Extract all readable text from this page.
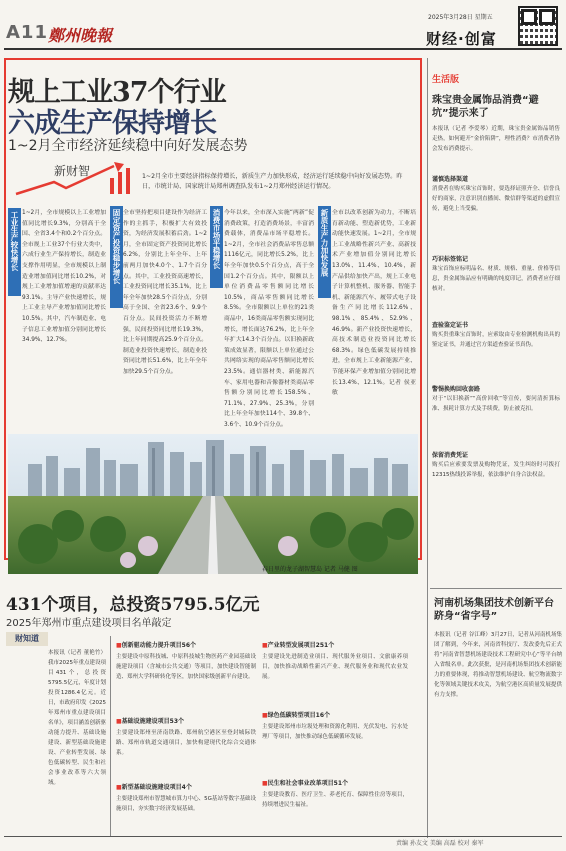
A11 鄭州晚報
2025年3月28日 星期五
财经·创富
规上工业37个行业
六成生产保持增长
1~2月全市经济延续稳中向好发展态势
新财智	1~2月全市主要经济指标保持增长，新质生产力加快形成，经济运行延续稳中向好发展态势。昨日，市统计局、国家统计局郑州调查队发布1~2月郑州经济运行情况。
工业生产较快增长	固定资产投资稳步增长	消费市场平稳增长	新质生产力加快发展
1~2月，全市规模以上工业增加值同比增长9.3%，分别高于全国、全省3.4个和0.2个百分点。全市规上工业37个行业大类中，六成行业生产保持增长，制造业支撑作用明显，全市规模以上制造业增加值同比增长10.2%，对规上工业增加值增速的贡献率达93.1%。主导产业快速增长，规上工业主导产业增加值同比增长10.5%。其中，汽车制造业、电子信息工业增加值分别同比增长34.9%、12.7%。
全市坚持把项目建设作为经济工作的主抓手，积极扩大有效投资，为经济发展积蓄后劲。1~2月，全市固定资产投资同比增长6.2%，分别比上年全年、上年前两月加快4.0个、1.7个百分点。其中，工业投资高速增长，工业投资同比增长35.1%，比上年全年加快28.5个百分点，分别高于全国、全省23.6个、9.9个百分点。民间投资活力不断增强，民间投资同比增长19.3%，比上年同期提高25.9个百分点。制造业投资快速增长，制造业投资同比增长51.6%，比上年全年加快29.5个百分点。
今年以来，全市深入实施“两新”促消费政策，打造消费场景，丰富消费载体，消费品市场平稳增长。1~2月，全市社会消费品零售总额1116亿元，同比增长5.2%，比上年全年加快0.5个百分点，高于全国1.2个百分点。其中，限额以上单位消费品零售额同比增长10.5%，商品零售额同比增长8.5%。全市限额以上单位的21类商品中，16类商品零售额实现同比增长，增长面达76.2%，比上年全年扩大14.3个百分点。以旧换新政策成效显著，限额以上单位通过公共网络实现的商品零售额同比增长23.5%。通信器材类、新能源汽车、家用电器和音像器材类商品零售额分别同比增长158.5%、71.1%、27.9%、25.3%，分别比上年全年加快114个、39.8个、3.6个、10.9个百分点。
全市以改革创新为动力，不断培育新动能、塑造新优势，工业新动能快速发展。1~2月，全市规上工业战略性新兴产业、高新技术产业增加值分别同比增长13.0%、11.4%、10.4%，新产品供给加快产出，规上工业电子计算机整机、服务器、智能手机、新能源汽车、履带式电子设备生产同比增长112.6%、98.1%、85.4%、52.9%、46.9%。新产业投资快速增长，高技术制造业投资同比增长68.3%。绿色低碳发展持续推进，全市规上工业新能源产业、节能环保产业增加值分别同比增长13.4%、12.1%。记者 侯亚敏
春日里的龙子湖智慧岛 记者 马健 图
431个项目，总投资5795.5亿元
2025年郑州市重点建设项目名单敲定
财知道
本报讯（记者 董艳竹）我市2025年重点建设项目431个，总投资5795.5亿元，年度计划投资1286.4亿元。近日，市政府印发《2025年郑州市重点建设项目名单》，项目涵盖创新驱动能力提升、基础设施建设、新型基础设施建设、产业转型发展、绿色低碳转型、民生和社会事业改革等六大领域。
■创新驱动能力提升项目56个
主要建设中原科技城、中原科技城生物医药产业园基础设施建设项目（含城市公共交通）等项目，加快建设智能制造、郑州大学科研转化等区，加快国家级创新平台建设。
■基础设施建设项目53个
主要建设郑州至济南铁路、郑州航空港区至登封城际铁路、郑州市轨道交通项目，加快构建现代化综合交通体系。
■新型基础设施建设项目4个
主要建设郑州市智慧城市算力中心、5G基站等数字基础设施项目，夯实数字经济发展基础。
■产业转型发展项目251个
主要建设先进制造业项目、现代服务业项目、文旅康养项目，加快推动战略性新兴产业、现代服务业和现代农业发展。
■绿色低碳转型项目16个
主要建设郑州市垃圾处理和资源化利用、光伏发电、污水处理厂等项目，加快推动绿色低碳循环发展。
■民生和社会事业改革项目51个
主要建设教育、医疗卫生、养老托育、保障性住房等项目，持续增进民生福祉。
生活版
珠宝贵金属饰品消费“避坑”提示来了
本报讯（记者 李爱琴）近期，珠宝贵金属饰品销售走热，如何避开“金价陷阱”，理性消费？市消费者协会发布消费提示。
谨慎选择渠道
消费者在购买珠宝首饰时，要选择证照齐全、信誉良好的商家，注意识别直播间、微信群等渠道的虚假宣传，避免上当受骗。
巧识标签铭记
珠宝首饰应标明品名、材质、规格、重量、价格等信息，贵金属饰品应有明确的纯度印记，消费者应仔细核对。
查验鉴定证书
购买贵重珠宝首饰时，应索取由专业检测机构出具的鉴定证书，并通过官方渠道查验证书真伪。
警惕换购回收套路
对于“以旧换新”“高价回收”等宣传，要问清折算标准、损耗计算方式及手续费，防止被克扣。
保留消费凭证
购买后应索要发票及购物凭证，发生纠纷时可拨打12315热线投诉举报，依法维护自身合法权益。
河南机场集团技术创新平台跻身“省字号”
本报讯（记者 谷江峰）3月27日，记者从河南机场集团了解到，今年来，河南省科技厅、发改委先后正式将“河南省智慧机场建设技术工程研究中心”等平台纳入省级名单。此次获批，是河南机场集团技术创新能力的重要体现，将推动智慧机场建设、航空物流数字化等领域关键技术攻关，为航空港区高质量发展提供有力支撑。
责编 孙友文 美编 高磊 校对 秦军
